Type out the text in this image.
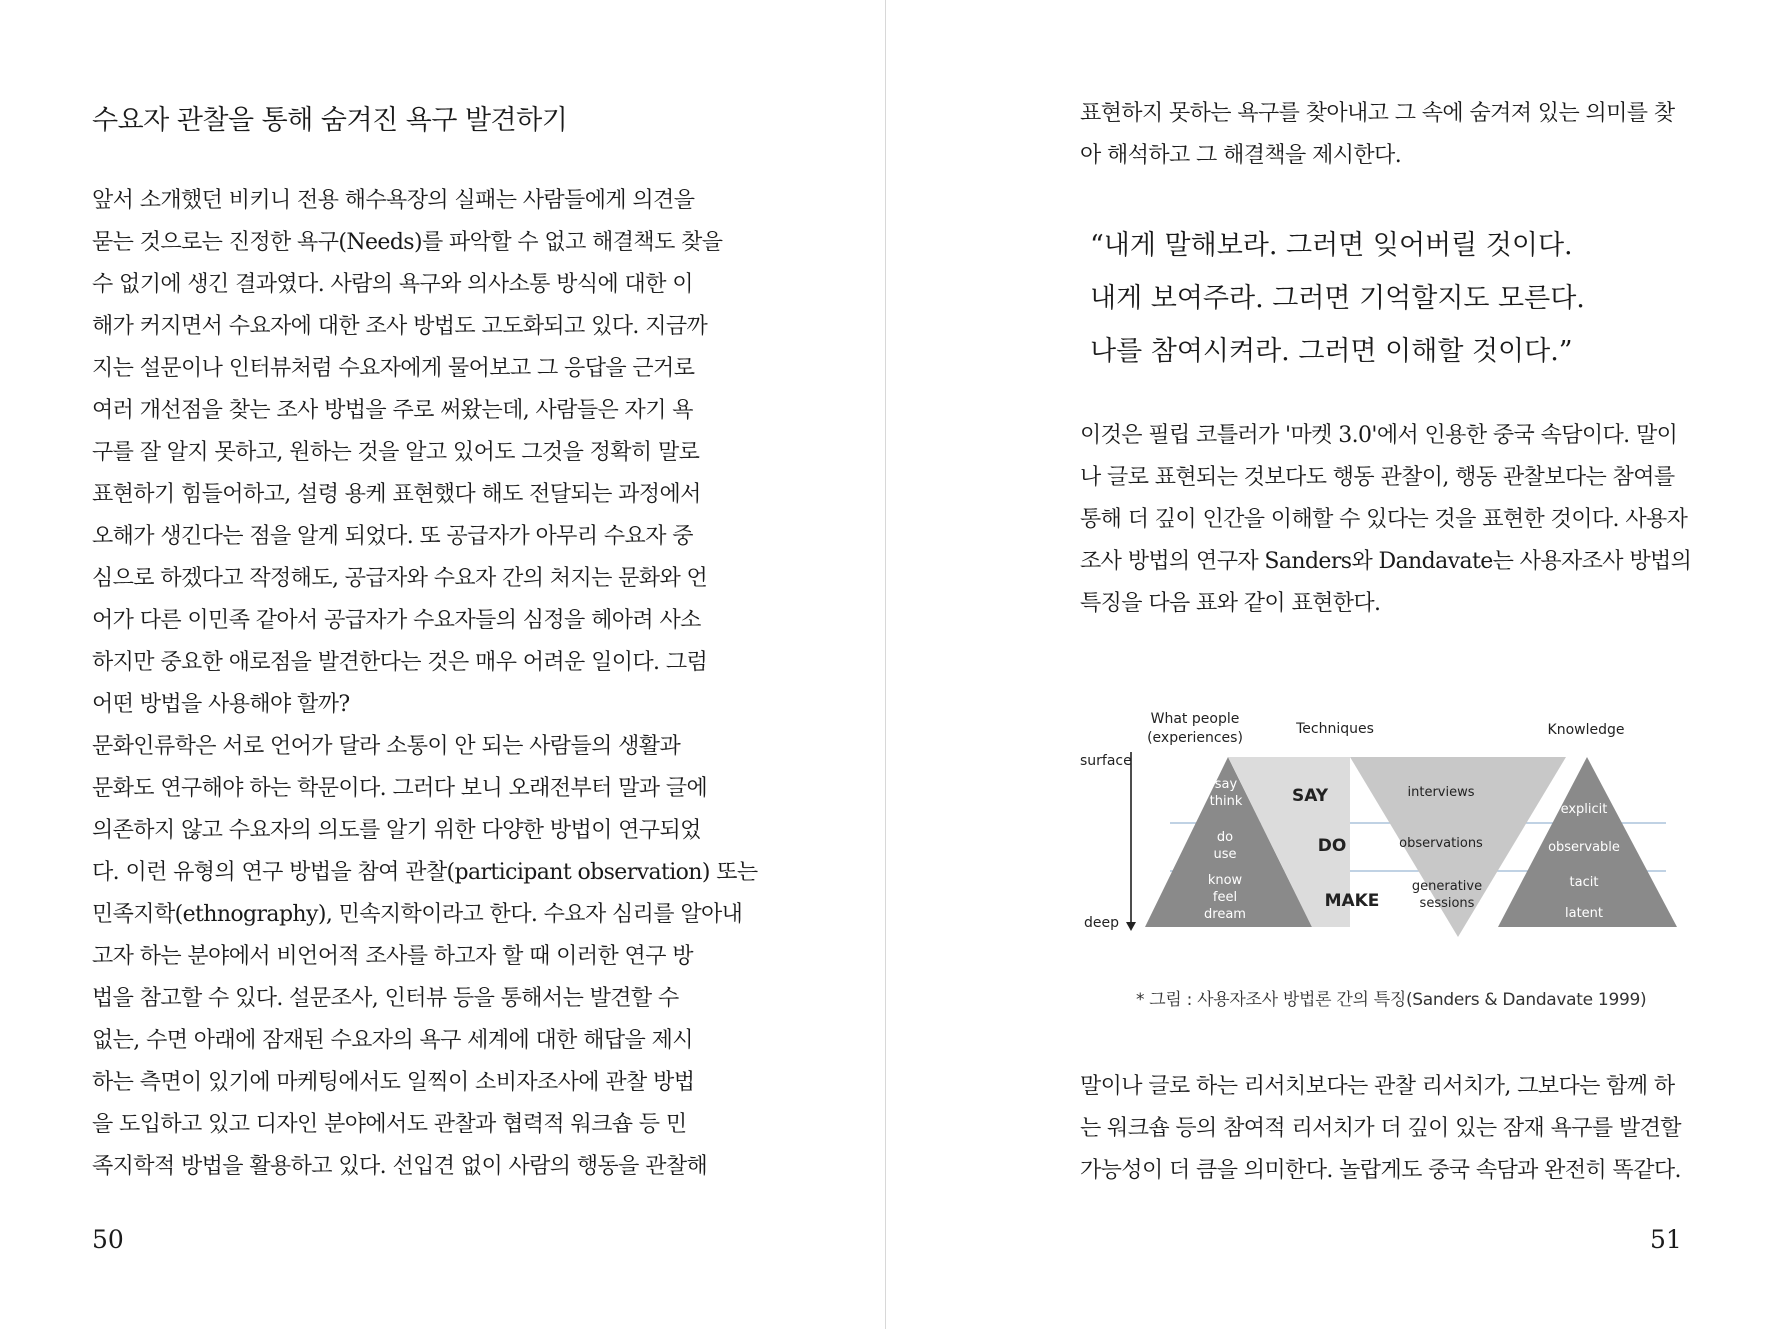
수요자 관찰을 통해 숨겨진 욕구 발견하기
앞서 소개했던 비키니 전용 해수욕장의 실패는 사람들에게 의견을
묻는 것으로는 진정한 욕구(Needs)를 파악할 수 없고 해결책도 찾을
수 없기에 생긴 결과였다. 사람의 욕구와 의사소통 방식에 대한 이
해가 커지면서 수요자에 대한 조사 방법도 고도화되고 있다. 지금까
지는 설문이나 인터뷰처럼 수요자에게 물어보고 그 응답을 근거로
여러 개선점을 찾는 조사 방법을 주로 써왔는데, 사람들은 자기 욕
구를 잘 알지 못하고, 원하는 것을 알고 있어도 그것을 정확히 말로
표현하기 힘들어하고, 설령 용케 표현했다 해도 전달되는 과정에서
오해가 생긴다는 점을 알게 되었다. 또 공급자가 아무리 수요자 중
심으로 하겠다고 작정해도, 공급자와 수요자 간의 처지는 문화와 언
어가 다른 이민족 같아서 공급자가 수요자들의 심정을 헤아려 사소
하지만 중요한 애로점을 발견한다는 것은 매우 어려운 일이다. 그럼
어떤 방법을 사용해야 할까?
문화인류학은 서로 언어가 달라 소통이 안 되는 사람들의 생활과
문화도 연구해야 하는 학문이다. 그러다 보니 오래전부터 말과 글에
의존하지 않고 수요자의 의도를 알기 위한 다양한 방법이 연구되었
다. 이런 유형의 연구 방법을 참여 관찰(participant observation) 또는
민족지학(ethnography), 민속지학이라고 한다. 수요자 심리를 알아내
고자 하는 분야에서 비언어적 조사를 하고자 할 때 이러한 연구 방
법을 참고할 수 있다. 설문조사, 인터뷰 등을 통해서는 발견할 수
없는, 수면 아래에 잠재된 수요자의 욕구 세계에 대한 해답을 제시
하는 측면이 있기에 마케팅에서도 일찍이 소비자조사에 관찰 방법
을 도입하고 있고 디자인 분야에서도 관찰과 협력적 워크숍 등 민
족지학적 방법을 활용하고 있다. 선입견 없이 사람의 행동을 관찰해
50	51
표현하지 못하는 욕구를 찾아내고 그 속에 숨겨져 있는 의미를 찾
아 해석하고 그 해결책을 제시한다.
“내게 말해보라. 그러면 잊어버릴 것이다.
내게 보여주라. 그러면 기억할지도 모른다.
나를 참여시켜라. 그러면 이해할 것이다.”
이것은 필립 코틀러가 '마켓 3.0'에서 인용한 중국 속담이다. 말이
나 글로 표현되는 것보다도 행동 관찰이, 행동 관찰보다는 참여를
통해 더 깊이 인간을 이해할 수 있다는 것을 표현한 것이다. 사용자
조사 방법의 연구자 Sanders와 Dandavate는 사용자조사 방법의
특징을 다음 표와 같이 표현한다.
What people
(experiences)
Techniques	Knowledge
surface
deep
say
think
do
use
know
feel
dream
SAY
DO
MAKE
interviews
observations
generative
sessions
explicit
observable
tacit
latent
* 그림 : 사용자조사 방법론 간의 특징(Sanders & Dandavate 1999)
말이나 글로 하는 리서치보다는 관찰 리서치가, 그보다는 함께 하
는 워크숍 등의 참여적 리서치가 더 깊이 있는 잠재 욕구를 발견할
가능성이 더 큼을 의미한다. 놀랍게도 중국 속담과 완전히 똑같다.
